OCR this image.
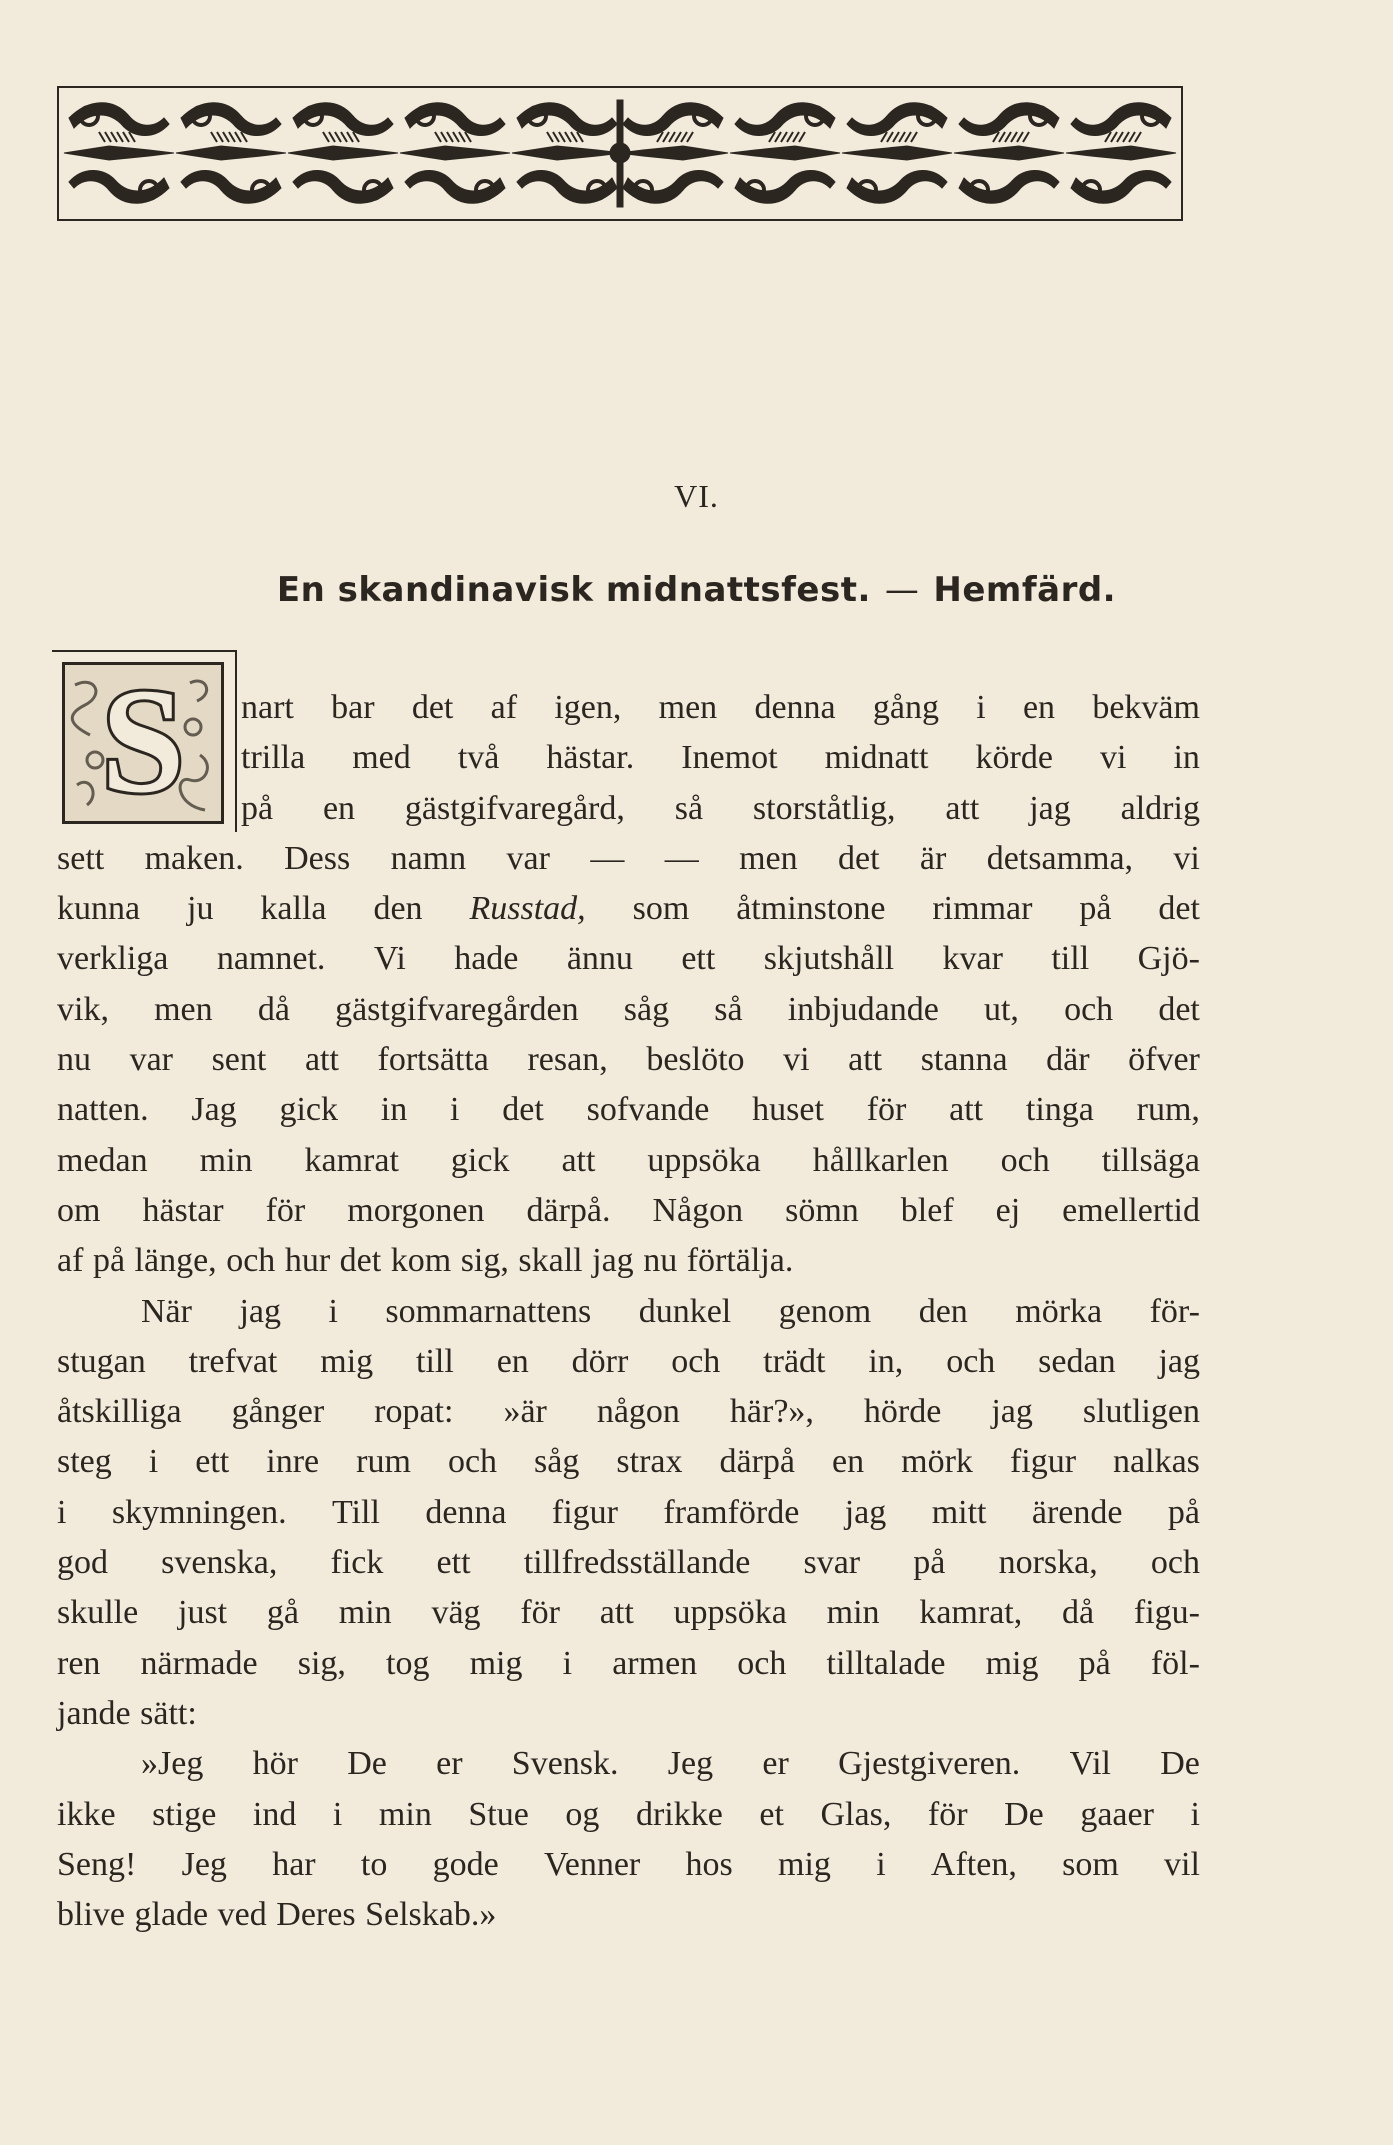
VI.
En skandinavisk midnattsfest. — Hemfärd.
S nart bar det af igen, men denna gång i en bekväm
trilla med två hästar. Inemot midnatt körde vi in
på en gästgifvaregård, så storståtlig, att jag aldrig
sett maken. Dess namn var — — men det är detsamma, vi
kunna ju kalla den Russtad, som åtminstone rimmar på det
verkliga namnet. Vi hade ännu ett skjutshåll kvar till Gjö-
vik, men då gästgifvaregården såg så inbjudande ut, och det
nu var sent att fortsätta resan, beslöto vi att stanna där öfver
natten. Jag gick in i det sofvande huset för att tinga rum,
medan min kamrat gick att uppsöka hållkarlen och tillsäga
om hästar för morgonen därpå. Någon sömn blef ej emellertid
af på länge, och hur det kom sig, skall jag nu förtälja.
När jag i sommarnattens dunkel genom den mörka för-
stugan trefvat mig till en dörr och trädt in, och sedan jag
åtskilliga gånger ropat: »är någon här?», hörde jag slutligen
steg i ett inre rum och såg strax därpå en mörk figur nalkas
i skymningen. Till denna figur framförde jag mitt ärende på
god svenska, fick ett tillfredsställande svar på norska, och
skulle just gå min väg för att uppsöka min kamrat, då figu-
ren närmade sig, tog mig i armen och tilltalade mig på föl-
jande sätt:
»Jeg hör De er Svensk. Jeg er Gjestgiveren. Vil De
ikke stige ind i min Stue og drikke et Glas, för De gaaer i
Seng! Jeg har to gode Venner hos mig i Aften, som vil
blive glade ved Deres Selskab.»
